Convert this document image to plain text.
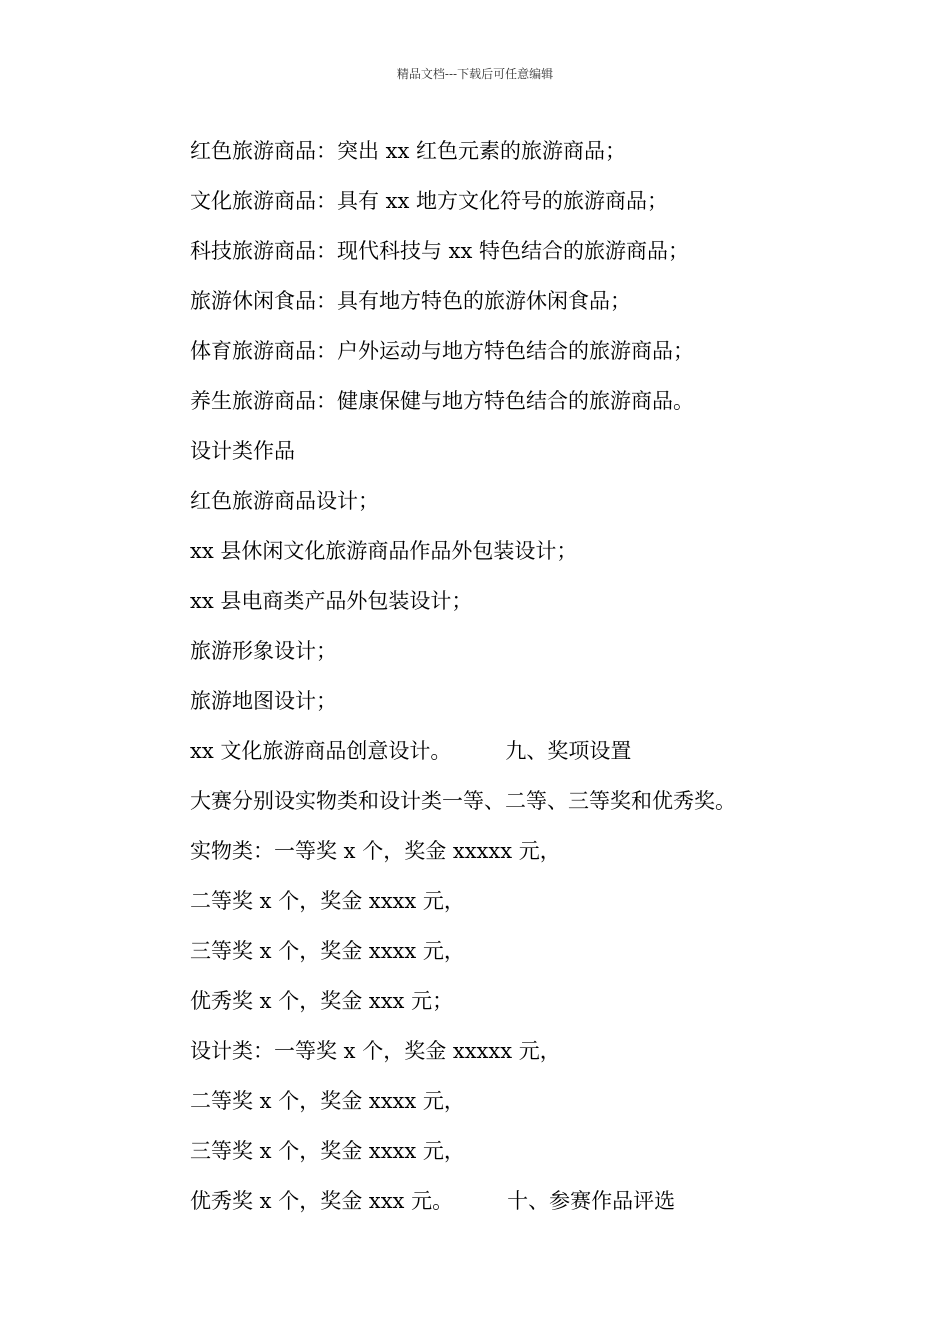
精品文档---下载后可任意编辑
红色旅游商品：突出 xx 红色元素的旅游商品；
文化旅游商品：具有 xx 地方文化符号的旅游商品；
科技旅游商品：现代科技与 xx 特色结合的旅游商品；
旅游休闲食品：具有地方特色的旅游休闲食品；
体育旅游商品：户外运动与地方特色结合的旅游商品；
养生旅游商品：健康保健与地方特色结合的旅游商品。
设计类作品
红色旅游商品设计；
xx 县休闲文化旅游商品作品外包装设计；
xx 县电商类产品外包装设计；
旅游形象设计；
旅游地图设计；
xx 文化旅游商品创意设计。	九、奖项设置
大赛分别设实物类和设计类一等、二等、三等奖和优秀奖。
实物类：一等奖 x 个，奖金 xxxxx 元，
二等奖 x 个，奖金 xxxx 元，
三等奖 x 个，奖金 xxxx 元，
优秀奖 x 个，奖金 xxx 元；
设计类：一等奖 x 个，奖金 xxxxx 元，
二等奖 x 个，奖金 xxxx 元，
三等奖 x 个，奖金 xxxx 元，
优秀奖 x 个，奖金 xxx 元。	十、参赛作品评选
